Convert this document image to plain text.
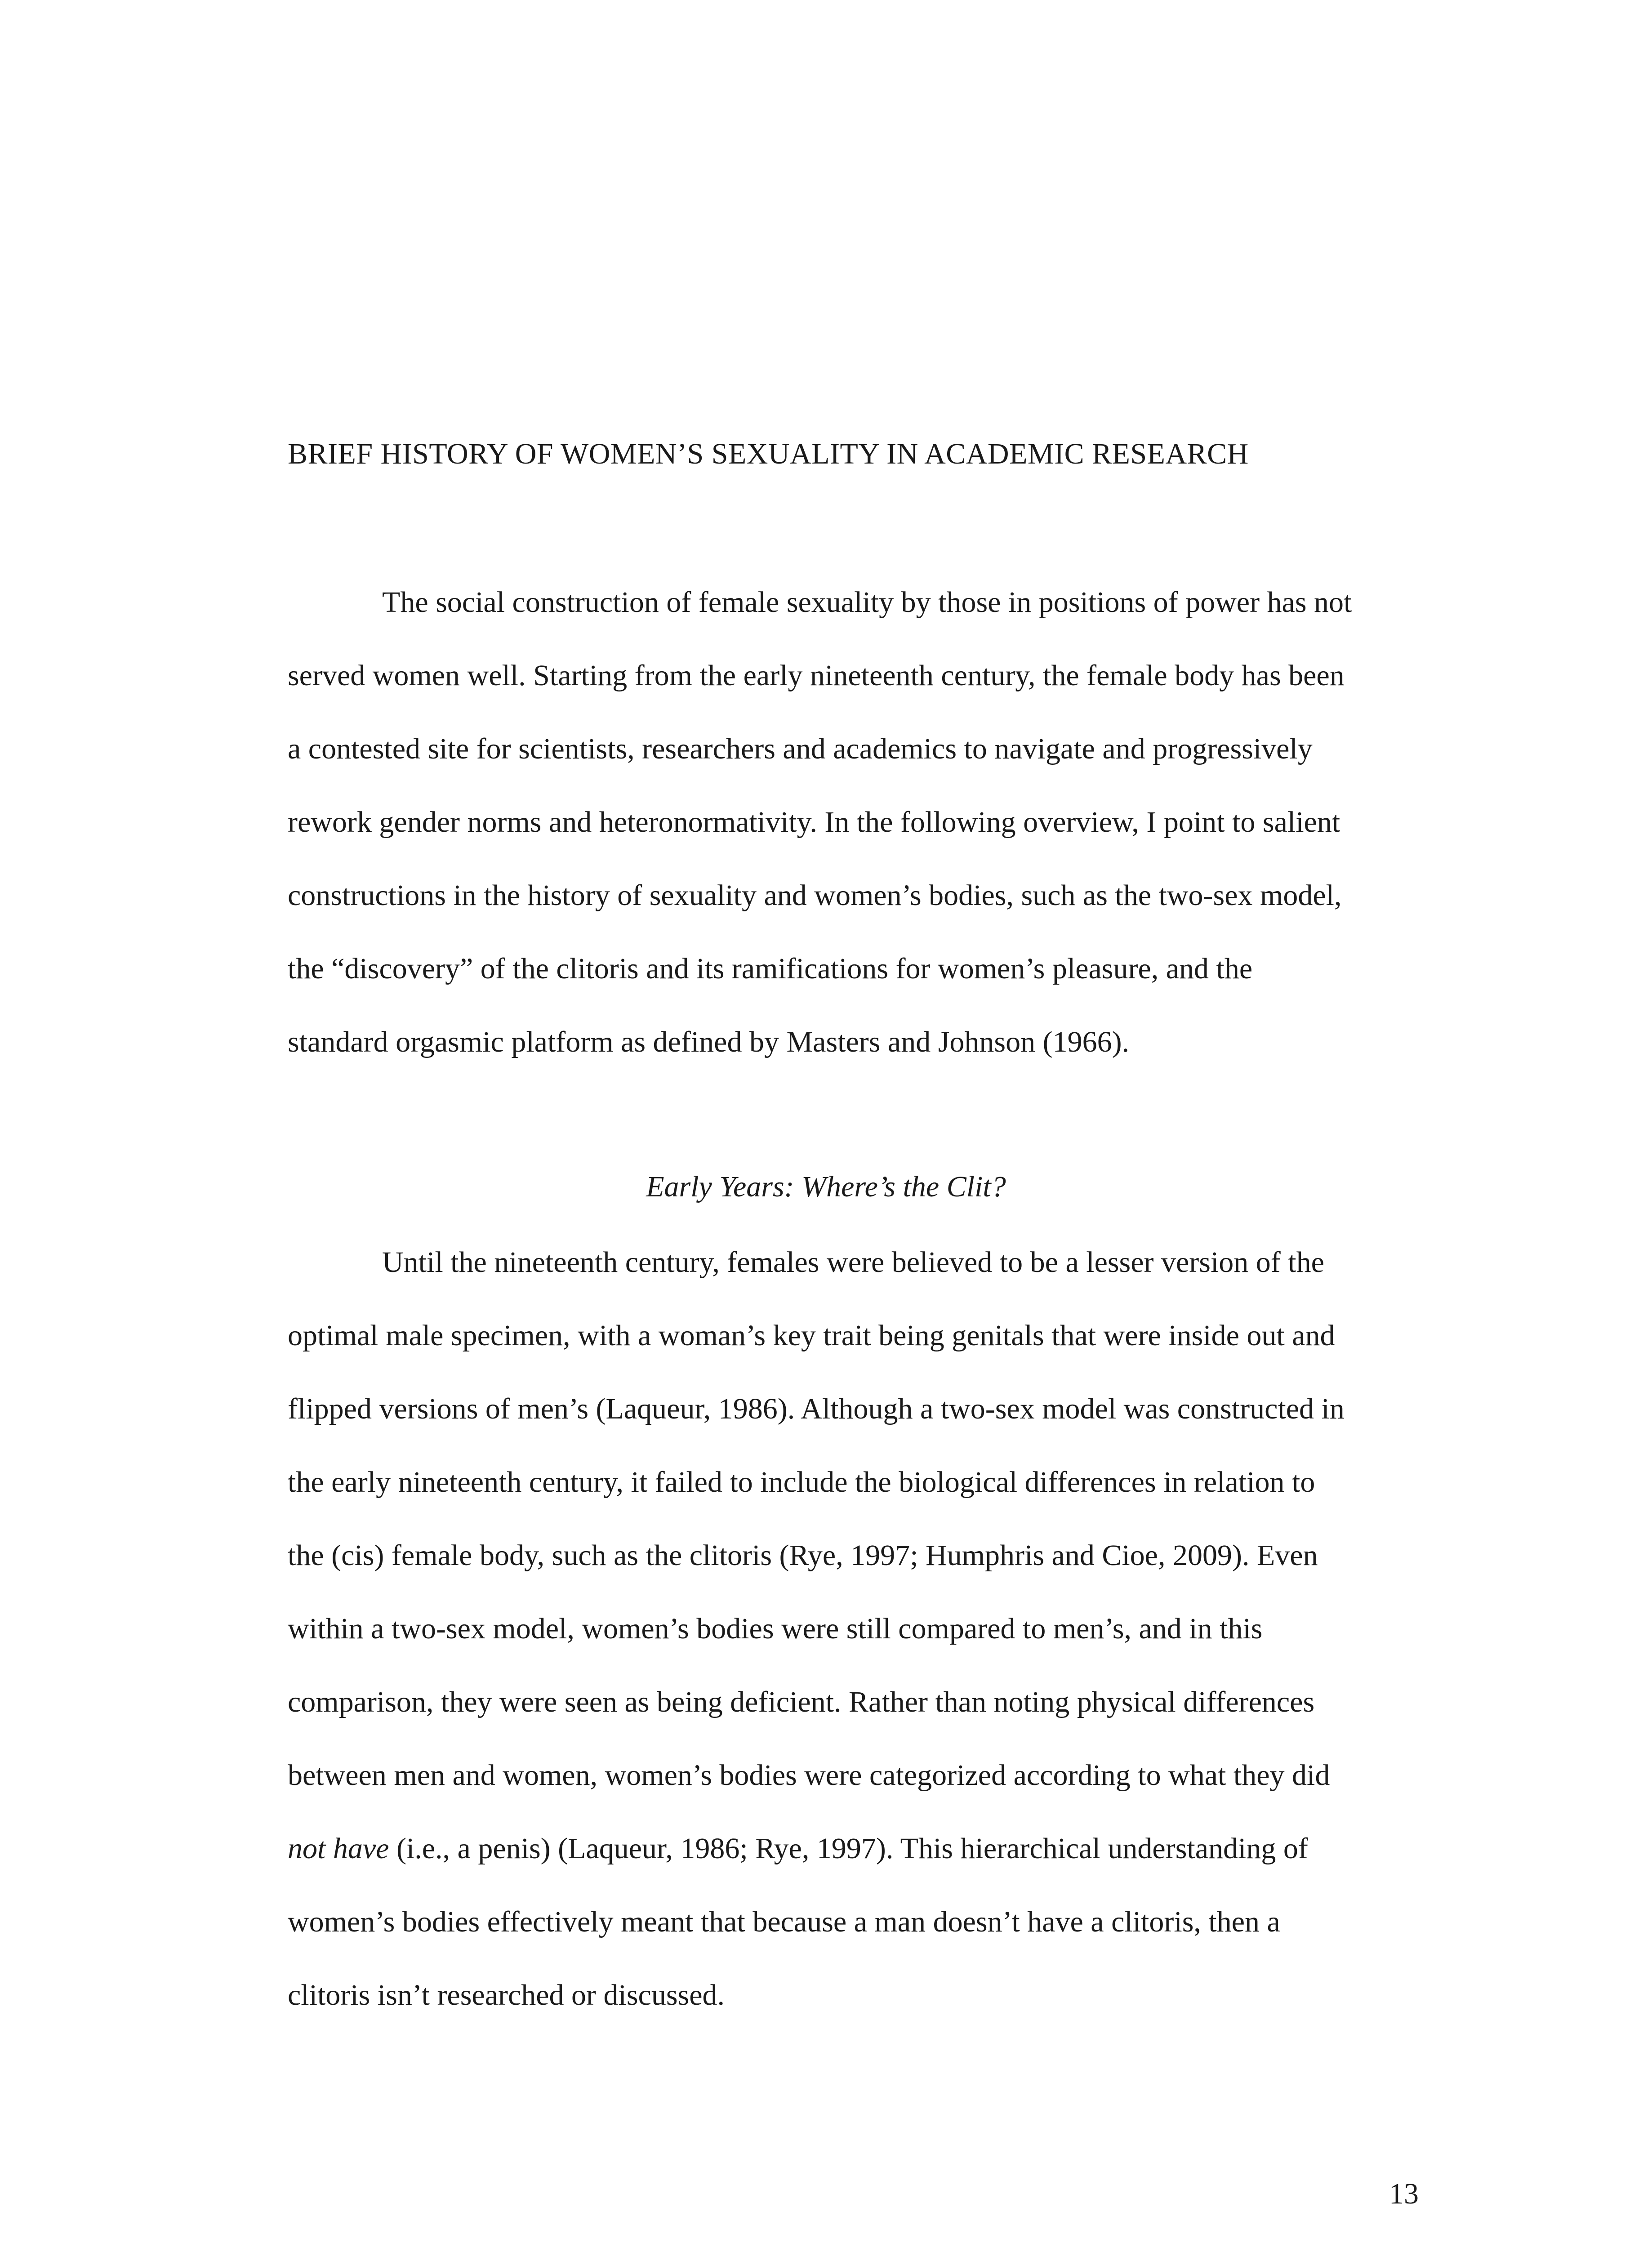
BRIEF HISTORY OF WOMEN’S SEXUALITY IN ACADEMIC RESEARCH
The social construction of female sexuality by those in positions of power has not
served women well. Starting from the early nineteenth century, the female body has been
a contested site for scientists, researchers and academics to navigate and progressively
rework gender norms and heteronormativity. In the following overview, I point to salient
constructions in the history of sexuality and women’s bodies, such as the two-sex model,
the “discovery” of the clitoris and its ramifications for women’s pleasure, and the
standard orgasmic platform as defined by Masters and Johnson (1966).
Early Years: Where’s the Clit?
Until the nineteenth century, females were believed to be a lesser version of the
optimal male specimen, with a woman’s key trait being genitals that were inside out and
flipped versions of men’s (Laqueur, 1986). Although a two-sex model was constructed in
the early nineteenth century, it failed to include the biological differences in relation to
the (cis) female body, such as the clitoris (Rye, 1997; Humphris and Cioe, 2009). Even
within a two-sex model, women’s bodies were still compared to men’s, and in this
comparison, they were seen as being deficient. Rather than noting physical differences
between men and women, women’s bodies were categorized according to what they did
not have (i.e., a penis) (Laqueur, 1986; Rye, 1997). This hierarchical understanding of
women’s bodies effectively meant that because a man doesn’t have a clitoris, then a
clitoris isn’t researched or discussed.
13
